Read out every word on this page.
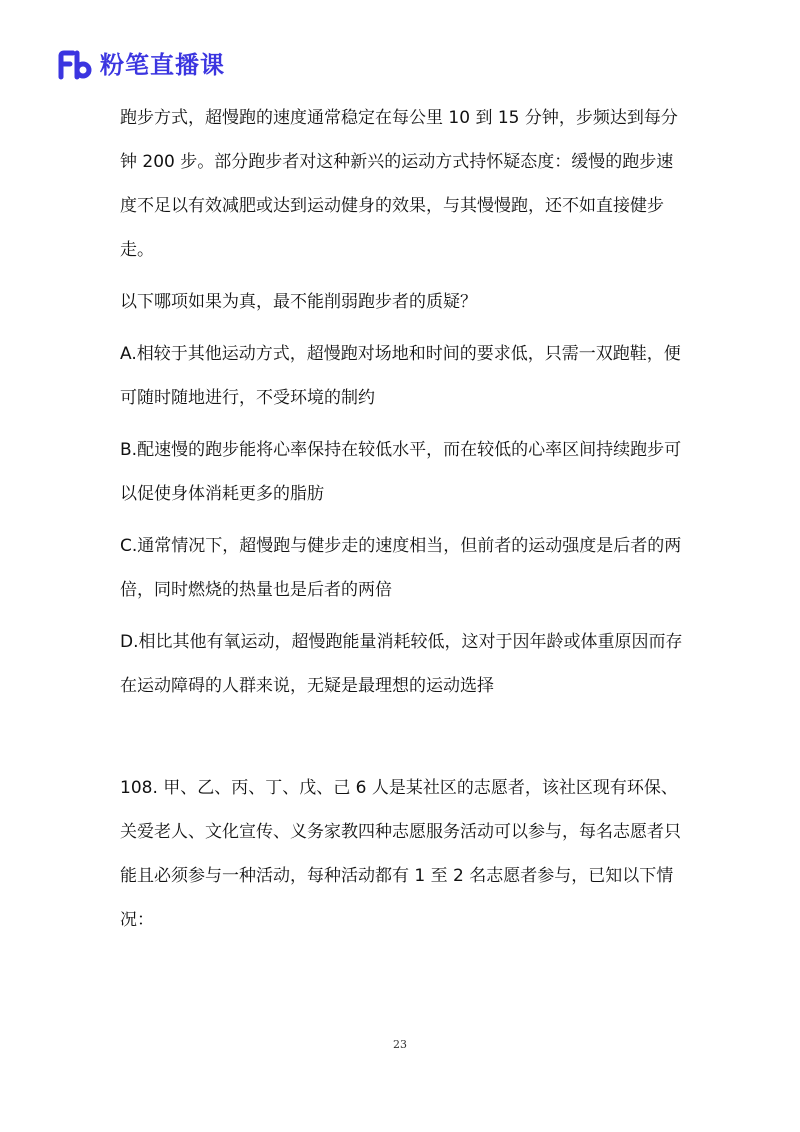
粉笔直播课

跑步方式，超慢跑的速度通常稳定在每公里 10 到 15 分钟，步频达到每分钟 200 步。部分跑步者对这种新兴的运动方式持怀疑态度：缓慢的跑步速度不足以有效减肥或达到运动健身的效果，与其慢慢跑，还不如直接健步走。

以下哪项如果为真，最不能削弱跑步者的质疑？

A.相较于其他运动方式，超慢跑对场地和时间的要求低，只需一双跑鞋，便可随时随地进行，不受环境的制约

B.配速慢的跑步能将心率保持在较低水平，而在较低的心率区间持续跑步可以促使身体消耗更多的脂肪

C.通常情况下，超慢跑与健步走的速度相当，但前者的运动强度是后者的两倍，同时燃烧的热量也是后者的两倍

D.相比其他有氧运动，超慢跑能量消耗较低，这对于因年龄或体重原因而存在运动障碍的人群来说，无疑是最理想的运动选择

108. 甲、乙、丙、丁、戊、己 6 人是某社区的志愿者，该社区现有环保、关爱老人、文化宣传、义务家教四种志愿服务活动可以参与，每名志愿者只能且必须参与一种活动，每种活动都有 1 至 2 名志愿者参与，已知以下情况：

23
